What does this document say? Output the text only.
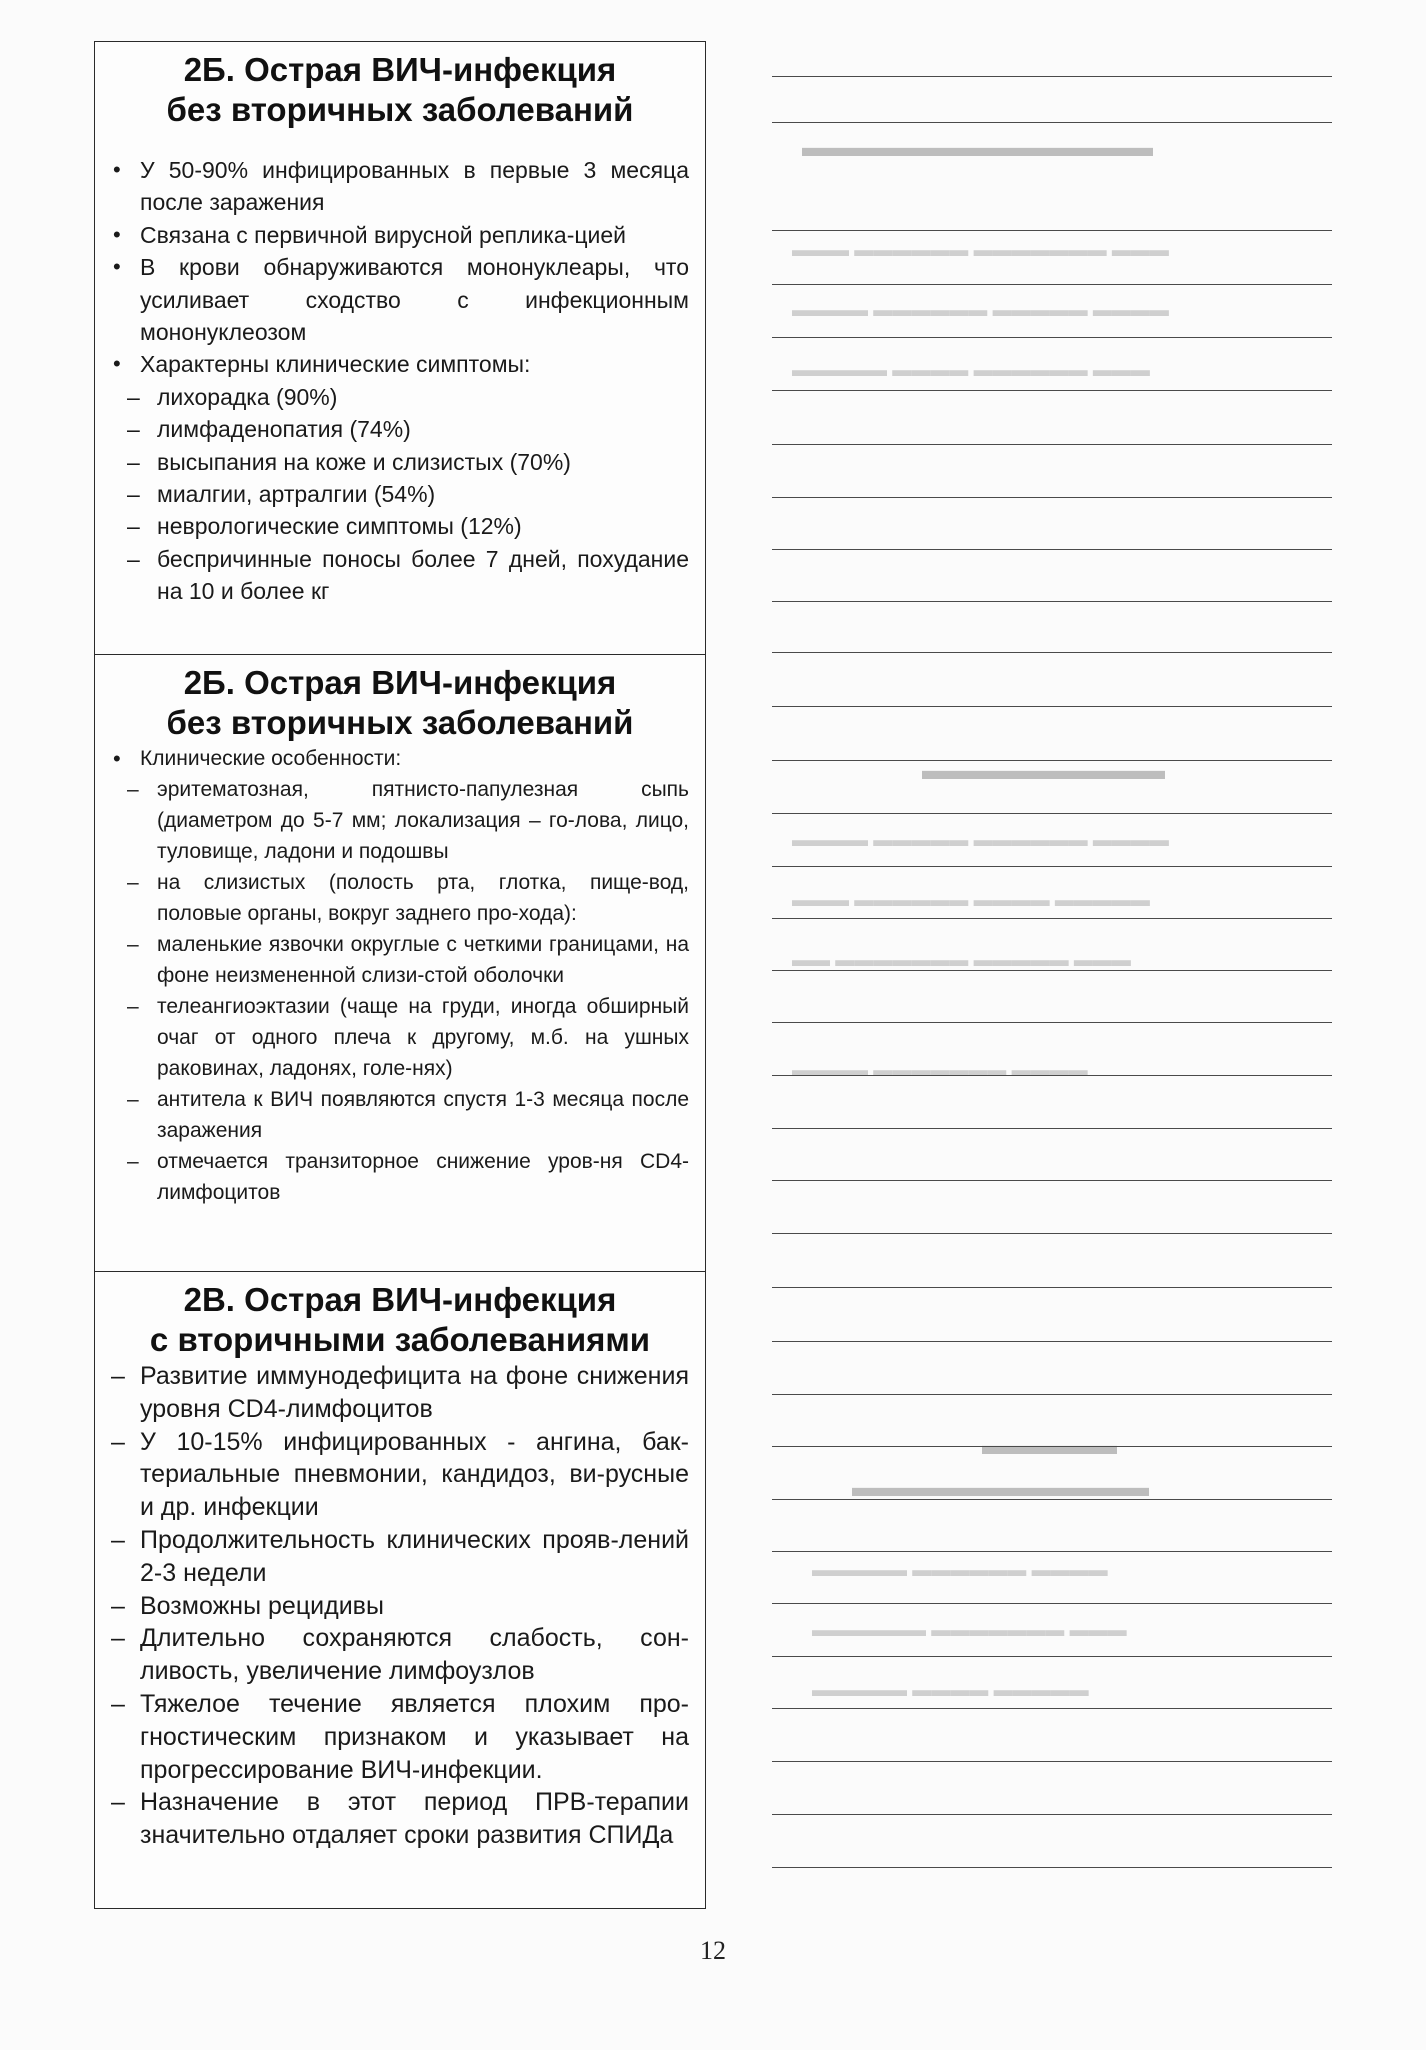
2Б. Острая ВИЧ-инфекция
без вторичных заболеваний
• У 50-90% инфицированных в первые 3 месяца после заражения
• Связана с первичной вирусной реплика-цией
• В крови обнаруживаются мононуклеары, что усиливает сходство с инфекционным мононуклеозом
• Характерны клинические симптомы:
– лихорадка (90%)
– лимфаденопатия (74%)
– высыпания на коже и слизистых (70%)
– миалгии, артралгии (54%)
– неврологические симптомы (12%)
– беспричинные поносы более 7 дней, похудание на 10 и более кг
2Б. Острая ВИЧ-инфекция
без вторичных заболеваний
• Клинические особенности:
– эритематозная, пятнисто-папулезная сыпь (диаметром до 5-7 мм; локализация – го-лова, лицо, туловище, ладони и подошвы
– на слизистых (полость рта, глотка, пище-вод, половые органы, вокруг заднего про-хода):
– маленькие язвочки округлые с четкими границами, на фоне неизмененной слизи-стой оболочки
– телеангиоэктазии (чаще на груди, иногда обширный очаг от одного плеча к другому, м.б. на ушных раковинах, ладонях, голе-нях)
– антитела к ВИЧ появляются спустя 1-3 месяца после заражения
– отмечается транзиторное снижение уров-ня CD4-лимфоцитов
2В. Острая ВИЧ-инфекция
с вторичными заболеваниями
– Развитие иммунодефицита на фоне снижения уровня CD4-лимфоцитов
– У 10-15% инфицированных - ангина, бак-териальные пневмонии, кандидоз, ви-русные и др. инфекции
– Продолжительность клинических прояв-лений 2-3 недели
– Возможны рецидивы
– Длительно сохраняются слабость, сон-ливость, увеличение лимфоузлов
– Тяжелое течение является плохим про-гностическим признаком и указывает на прогрессирование ВИЧ-инфекции.
– Назначение в этот период ПРВ-терапии значительно отдаляет сроки развития СПИДа
▬▬▬▬▬▬▬▬▬▬▬▬▬
▬▬▬ ▬▬▬▬▬▬▬ ▬▬▬▬▬▬ ▬▬▬
▬▬▬▬ ▬▬▬▬▬ ▬▬▬▬▬▬ ▬▬▬▬
▬▬▬ ▬▬▬▬▬▬ ▬▬▬▬ ▬▬▬▬▬
▬▬▬▬▬▬▬▬▬
▬▬▬▬ ▬▬▬▬▬▬ ▬▬▬▬▬ ▬▬▬▬
▬▬▬▬▬ ▬▬▬▬ ▬▬▬▬▬▬ ▬▬▬
▬▬▬ ▬▬▬▬▬ ▬▬▬▬▬▬▬ ▬▬
▬▬▬▬ ▬▬▬▬▬▬▬ ▬▬▬▬
▬▬▬▬▬
▬▬▬▬▬▬▬▬▬▬▬
▬▬▬▬ ▬▬▬▬▬▬ ▬▬▬▬▬
▬▬▬ ▬▬▬▬▬▬▬ ▬▬▬▬▬▬
▬▬▬▬▬ ▬▬▬▬ ▬▬▬▬▬
12
